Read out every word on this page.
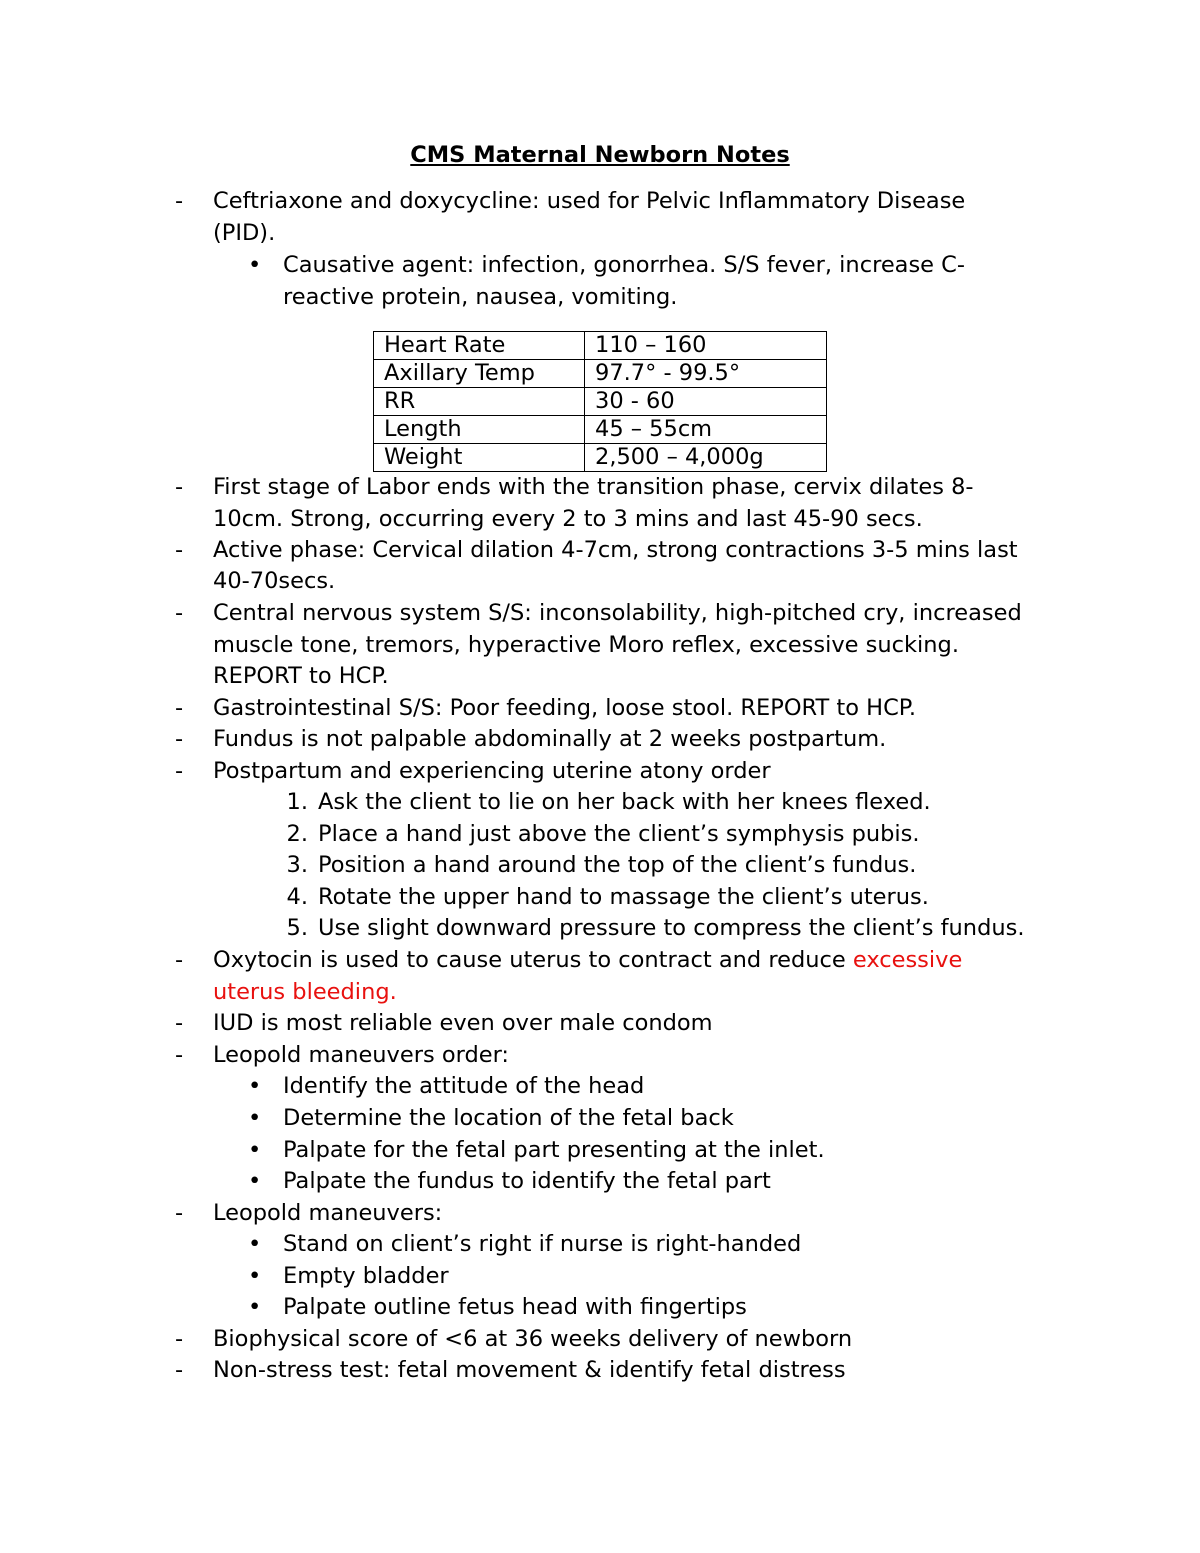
CMS Maternal Newborn Notes
- Ceftriaxone and doxycycline: used for Pelvic Inflammatory Disease
(PID).
• Causative agent: infection, gonorrhea. S/S fever, increase C-
reactive protein, nausea, vomiting.
Heart Rate	110 – 160
Axillary Temp	97.7° - 99.5°
RR	30 - 60
Length	45 – 55cm
Weight	2,500 – 4,000g
- First stage of Labor ends with the transition phase, cervix dilates 8-
10cm. Strong, occurring every 2 to 3 mins and last 45-90 secs.
- Active phase: Cervical dilation 4-7cm, strong contractions 3-5 mins last
40-70secs.
- Central nervous system S/S: inconsolability, high-pitched cry, increased
muscle tone, tremors, hyperactive Moro reflex, excessive sucking.
REPORT to HCP.
- Gastrointestinal S/S: Poor feeding, loose stool. REPORT to HCP.
- Fundus is not palpable abdominally at 2 weeks postpartum.
- Postpartum and experiencing uterine atony order
1. Ask the client to lie on her back with her knees flexed.
2. Place a hand just above the client’s symphysis pubis.
3. Position a hand around the top of the client’s fundus.
4. Rotate the upper hand to massage the client’s uterus.
5. Use slight downward pressure to compress the client’s fundus.
- Oxytocin is used to cause uterus to contract and reduce excessive
uterus bleeding.
- IUD is most reliable even over male condom
- Leopold maneuvers order:
• Identify the attitude of the head
• Determine the location of the fetal back
• Palpate for the fetal part presenting at the inlet.
• Palpate the fundus to identify the fetal part
- Leopold maneuvers:
• Stand on client’s right if nurse is right-handed
• Empty bladder
• Palpate outline fetus head with fingertips
- Biophysical score of <6 at 36 weeks delivery of newborn
- Non-stress test: fetal movement & identify fetal distress
